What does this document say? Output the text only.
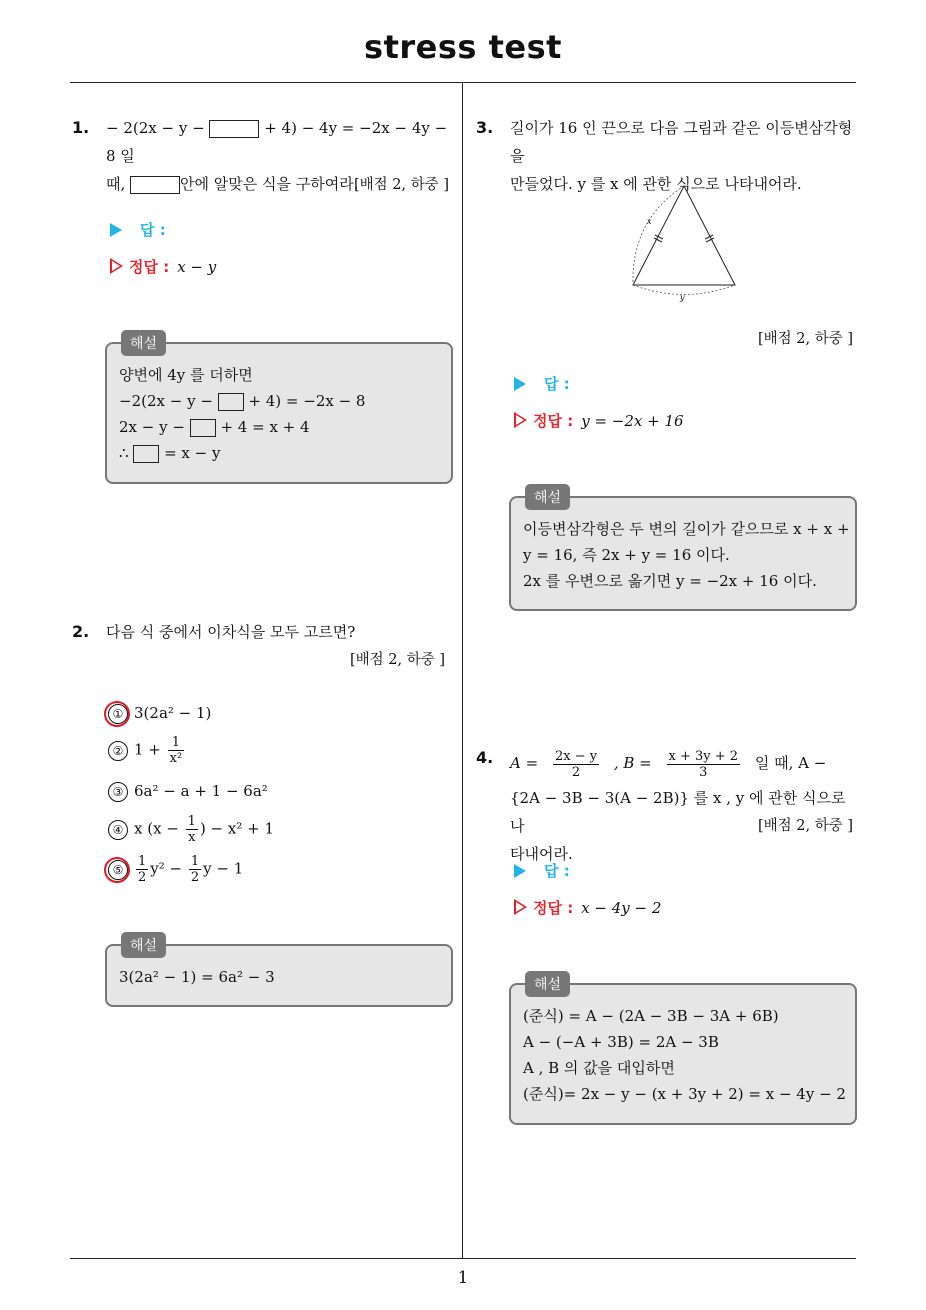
stress test
1
1. − 2(2x − y −	+ 4) − 4y = −2x − 4y − 8 일
때,	안에 알맞은 식을 구하여라.
[배점 2, 하중 ]
답 :
정답 : x − y
해설
양변에 4y 를 더하면
−2(2x − y −  + 4) = −2x − 8
2x − y −  + 4 = x + 4
∴  = x − y
2. 다음 식 중에서 이차식을 모두 고르면?
[배점 2, 하중 ]
① 3(2a² − 1)
② $1 + \frac{1}{\text{x²}}$
③ 6a² − a + 1 − 6a²
④ x ($x - \frac{1}{x}$ ) − x² + 1
⑤ $\frac{1}{2} y^2 - \frac{1}{2}$ y − 1
해설
3(2a² − 1) = 6a² − 3
3. 길이가 16 인 끈으로 다음 그림과 같은 이등변삼각형을
만들었다. y 를 x 에 관한 식으로 나타내어라.
x
y
[배점 2, 하중 ]
답 :
정답 : y = −2x + 16
해설
이등변삼각형은 두 변의 길이가 같으므로 x + x +
y = 16, 즉 2x + y = 16 이다.
2x 를 우변으로 옮기면 y = −2x + 16 이다.
4. $A = \frac{2x - y}{2}$ , $B = \frac{x + 3y + 2}{3}$ 일 때, A −
{2A − 3B − 3(A − 2B)} 를 x , y 에 관한 식으로 나
타내어라.
[배점 2, 하중 ]
답 :
정답 : x − 4y − 2
해설
(준식) = A − (2A − 3B − 3A + 6B)
A − (−A + 3B) = 2A − 3B
A , B 의 값을 대입하면
(준식)= 2x − y − (x + 3y + 2) = x − 4y − 2
